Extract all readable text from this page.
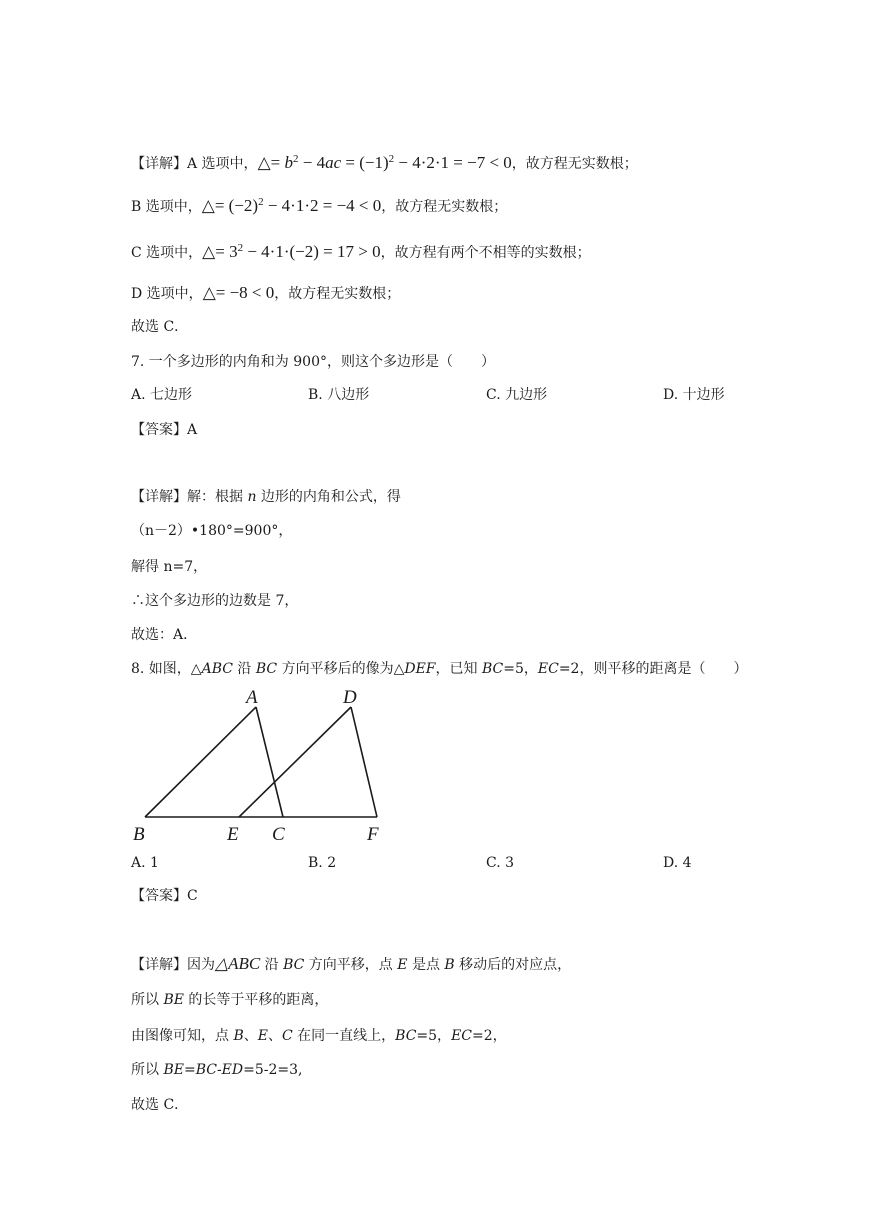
【详解】A 选项中，△= $b^2 - 4ac = (-1)^2 - 4\cdot 2\cdot 1 = -7 < 0$，故方程无实数根；
B 选项中，△= $(-2)^2 - 4\cdot 1\cdot 2 = -4 < 0$，故方程无实数根；
C 选项中，△= $3^2 - 4\cdot 1\cdot(-2) = 17 > 0$，故方程有两个不相等的实数根；
D 选项中，△= −8 < 0，故方程无实数根；
故选 C．
7. 一个多边形的内角和为 900°，则这个多边形是（　　）
A. 七边形	B. 八边形	C. 九边形	D. 十边形
【答案】A
【详解】解：根据 n 边形的内角和公式，得
（n－2）•180°=900°，
解得 n=7，
∴这个多边形的边数是 7，
故选：A．
8. 如图，△ABC 沿 BC 方向平移后的像为△DEF，已知 BC=5，EC=2，则平移的距离是（　　）
A	D
B	E C	F
A. 1	B. 2	C. 3	D. 4
【答案】C
【详解】因为△ABC 沿 BC 方向平移，点 E 是点 B 移动后的对应点，
所以 BE 的长等于平移的距离，
由图像可知，点 B、E、C 在同一直线上，BC=5，EC=2，
所以 BE=BC-ED=5-2=3,
故选 C．
